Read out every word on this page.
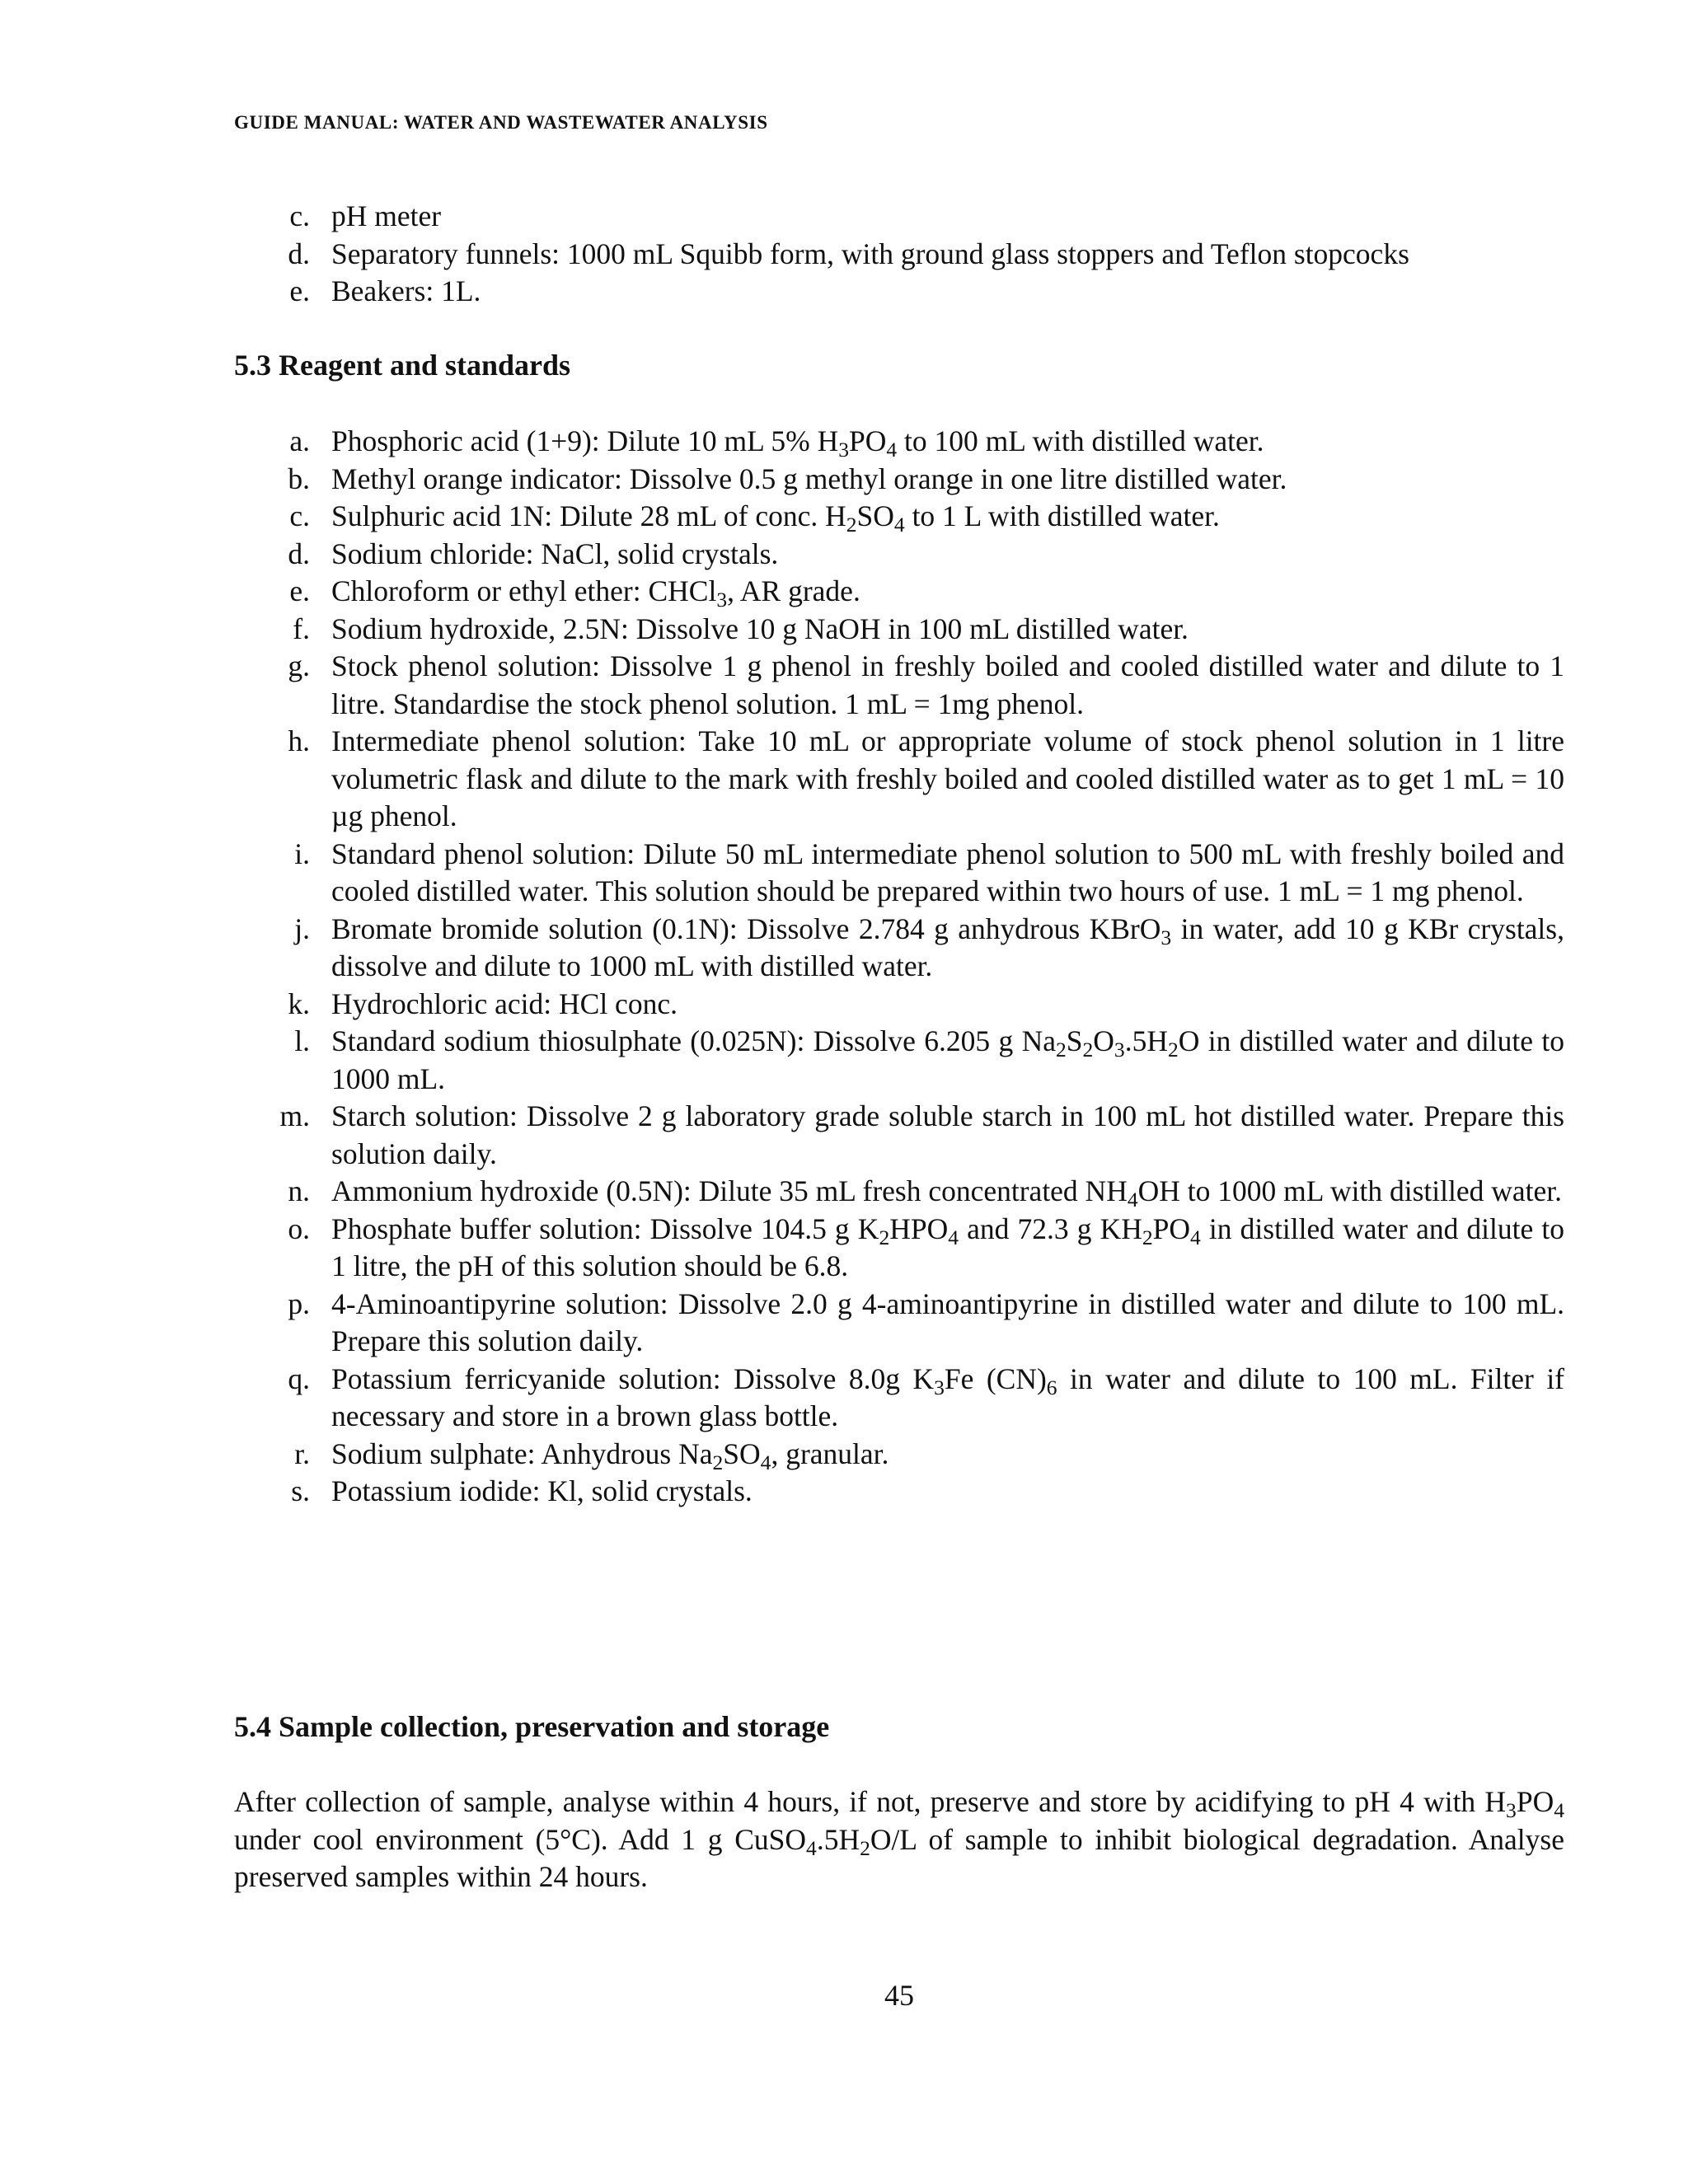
GUIDE MANUAL: WATER AND WASTEWATER ANALYSIS
c. pH meter
d. Separatory funnels: 1000 mL Squibb form, with ground glass stoppers and Teflon stopcocks
e. Beakers: 1L.
5.3 Reagent and standards
a. Phosphoric acid (1+9): Dilute 10 mL 5% $H_3PO_4$ to 100 mL with distilled water.
b. Methyl orange indicator: Dissolve 0.5 g methyl orange in one litre distilled water.
c. Sulphuric acid 1N: Dilute 28 mL of conc. $H_2SO_4$ to 1 L with distilled water.
d. Sodium chloride: NaCl, solid crystals.
e. Chloroform or ethyl ether: CHCl$_3$, AR grade.
f. Sodium hydroxide, 2.5N: Dissolve 10 g NaOH in 100 mL distilled water.
g. Stock phenol solution: Dissolve 1 g phenol in freshly boiled and cooled distilled water and dilute to 1 litre. Standardise the stock phenol solution. 1 mL = 1mg phenol.
h. Intermediate phenol solution: Take 10 mL or appropriate volume of stock phenol solution in 1 litre volumetric flask and dilute to the mark with freshly boiled and cooled distilled water as to get 1 mL = 10 µg phenol.
i. Standard phenol solution: Dilute 50 mL intermediate phenol solution to 500 mL with freshly boiled and cooled distilled water. This solution should be prepared within two hours of use. 1 mL = 1 mg phenol.
j. Bromate bromide solution (0.1N): Dissolve 2.784 g anhydrous KBrO$_3$ in water, add 10 g KBr crystals, dissolve and dilute to 1000 mL with distilled water.
k. Hydrochloric acid: HCl conc.
l. Standard sodium thiosulphate (0.025N): Dissolve 6.205 g $Na_2S_2O_3.5H_2O$ in distilled water and dilute to 1000 mL.
m. Starch solution: Dissolve 2 g laboratory grade soluble starch in 100 mL hot distilled water. Prepare this solution daily.
n. Ammonium hydroxide (0.5N): Dilute 35 mL fresh concentrated $NH_4OH$ to 1000 mL with distilled water.
o. Phosphate buffer solution: Dissolve 104.5 g $K_2HPO_4$ and 72.3 g $KH_2PO_4$ in distilled water and dilute to 1 litre, the pH of this solution should be 6.8.
p. 4-Aminoantipyrine solution: Dissolve 2.0 g 4-aminoantipyrine in distilled water and dilute to 100 mL. Prepare this solution daily.
q. Potassium ferricyanide solution: Dissolve 8.0g $K_3Fe$ $(CN)_6$ in water and dilute to 100 mL. Filter if necessary and store in a brown glass bottle.
r. Sodium sulphate: Anhydrous $Na_2SO_4$, granular.
s. Potassium iodide: Kl, solid crystals.
5.4 Sample collection, preservation and storage
After collection of sample, analyse within 4 hours, if not, preserve and store by acidifying to pH 4 with $H_3PO_4$ under cool environment (5°C). Add 1 g $CuSO_4.5H_2O/L$ of sample to inhibit biological degradation. Analyse preserved samples within 24 hours.
45
